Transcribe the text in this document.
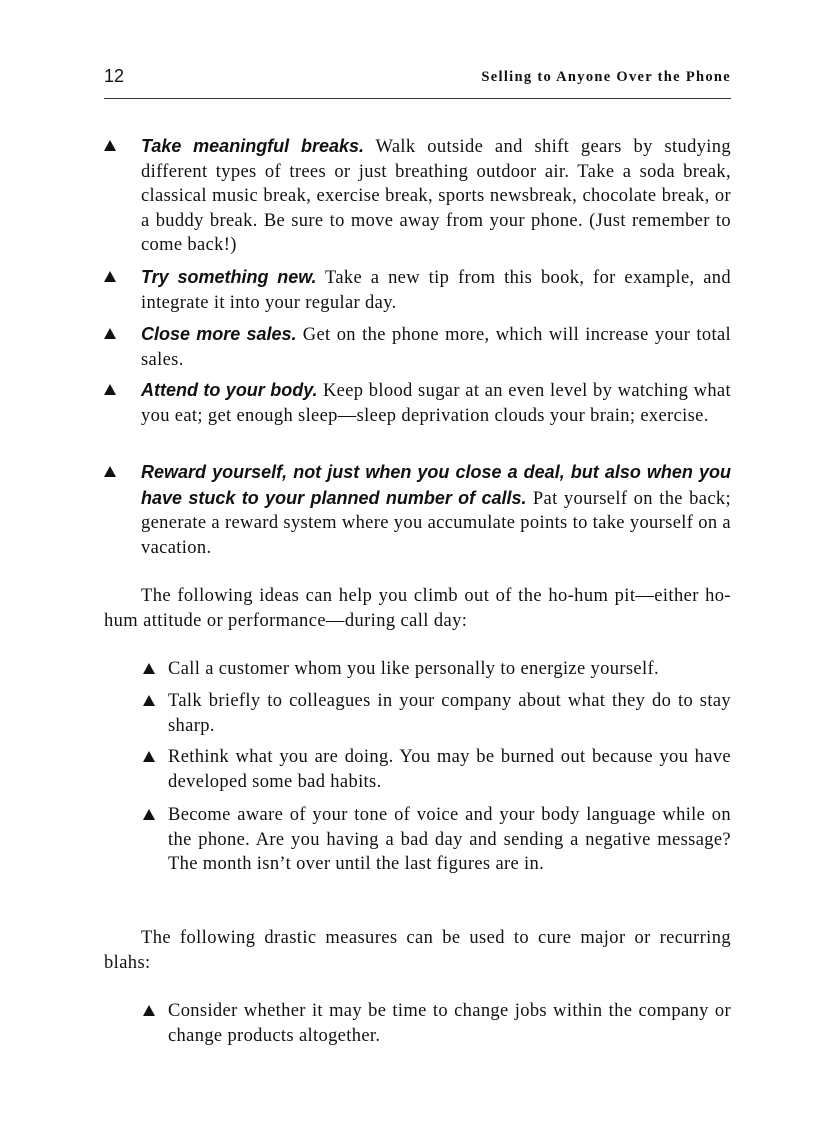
12	Selling to Anyone Over the Phone
Take meaningful breaks. Walk outside and shift gears by studying different types of trees or just breathing outdoor air. Take a soda break, classical music break, exercise break, sports newsbreak, chocolate break, or a buddy break. Be sure to move away from your phone. (Just remember to come back!)
Try something new. Take a new tip from this book, for example, and integrate it into your regular day.
Close more sales. Get on the phone more, which will increase your total sales.
Attend to your body. Keep blood sugar at an even level by watching what you eat; get enough sleep—sleep deprivation clouds your brain; exercise.
Reward yourself, not just when you close a deal, but also when you have stuck to your planned number of calls. Pat yourself on the back; generate a reward system where you accumulate points to take yourself on a vacation.
The following ideas can help you climb out of the ho-hum pit—either ho-hum attitude or performance—during call day:
Call a customer whom you like personally to energize yourself.
Talk briefly to colleagues in your company about what they do to stay sharp.
Rethink what you are doing. You may be burned out because you have developed some bad habits.
Become aware of your tone of voice and your body language while on the phone. Are you having a bad day and sending a negative message? The month isn’t over until the last figures are in.
The following drastic measures can be used to cure major or recurring blahs:
Consider whether it may be time to change jobs within the company or change products altogether.
